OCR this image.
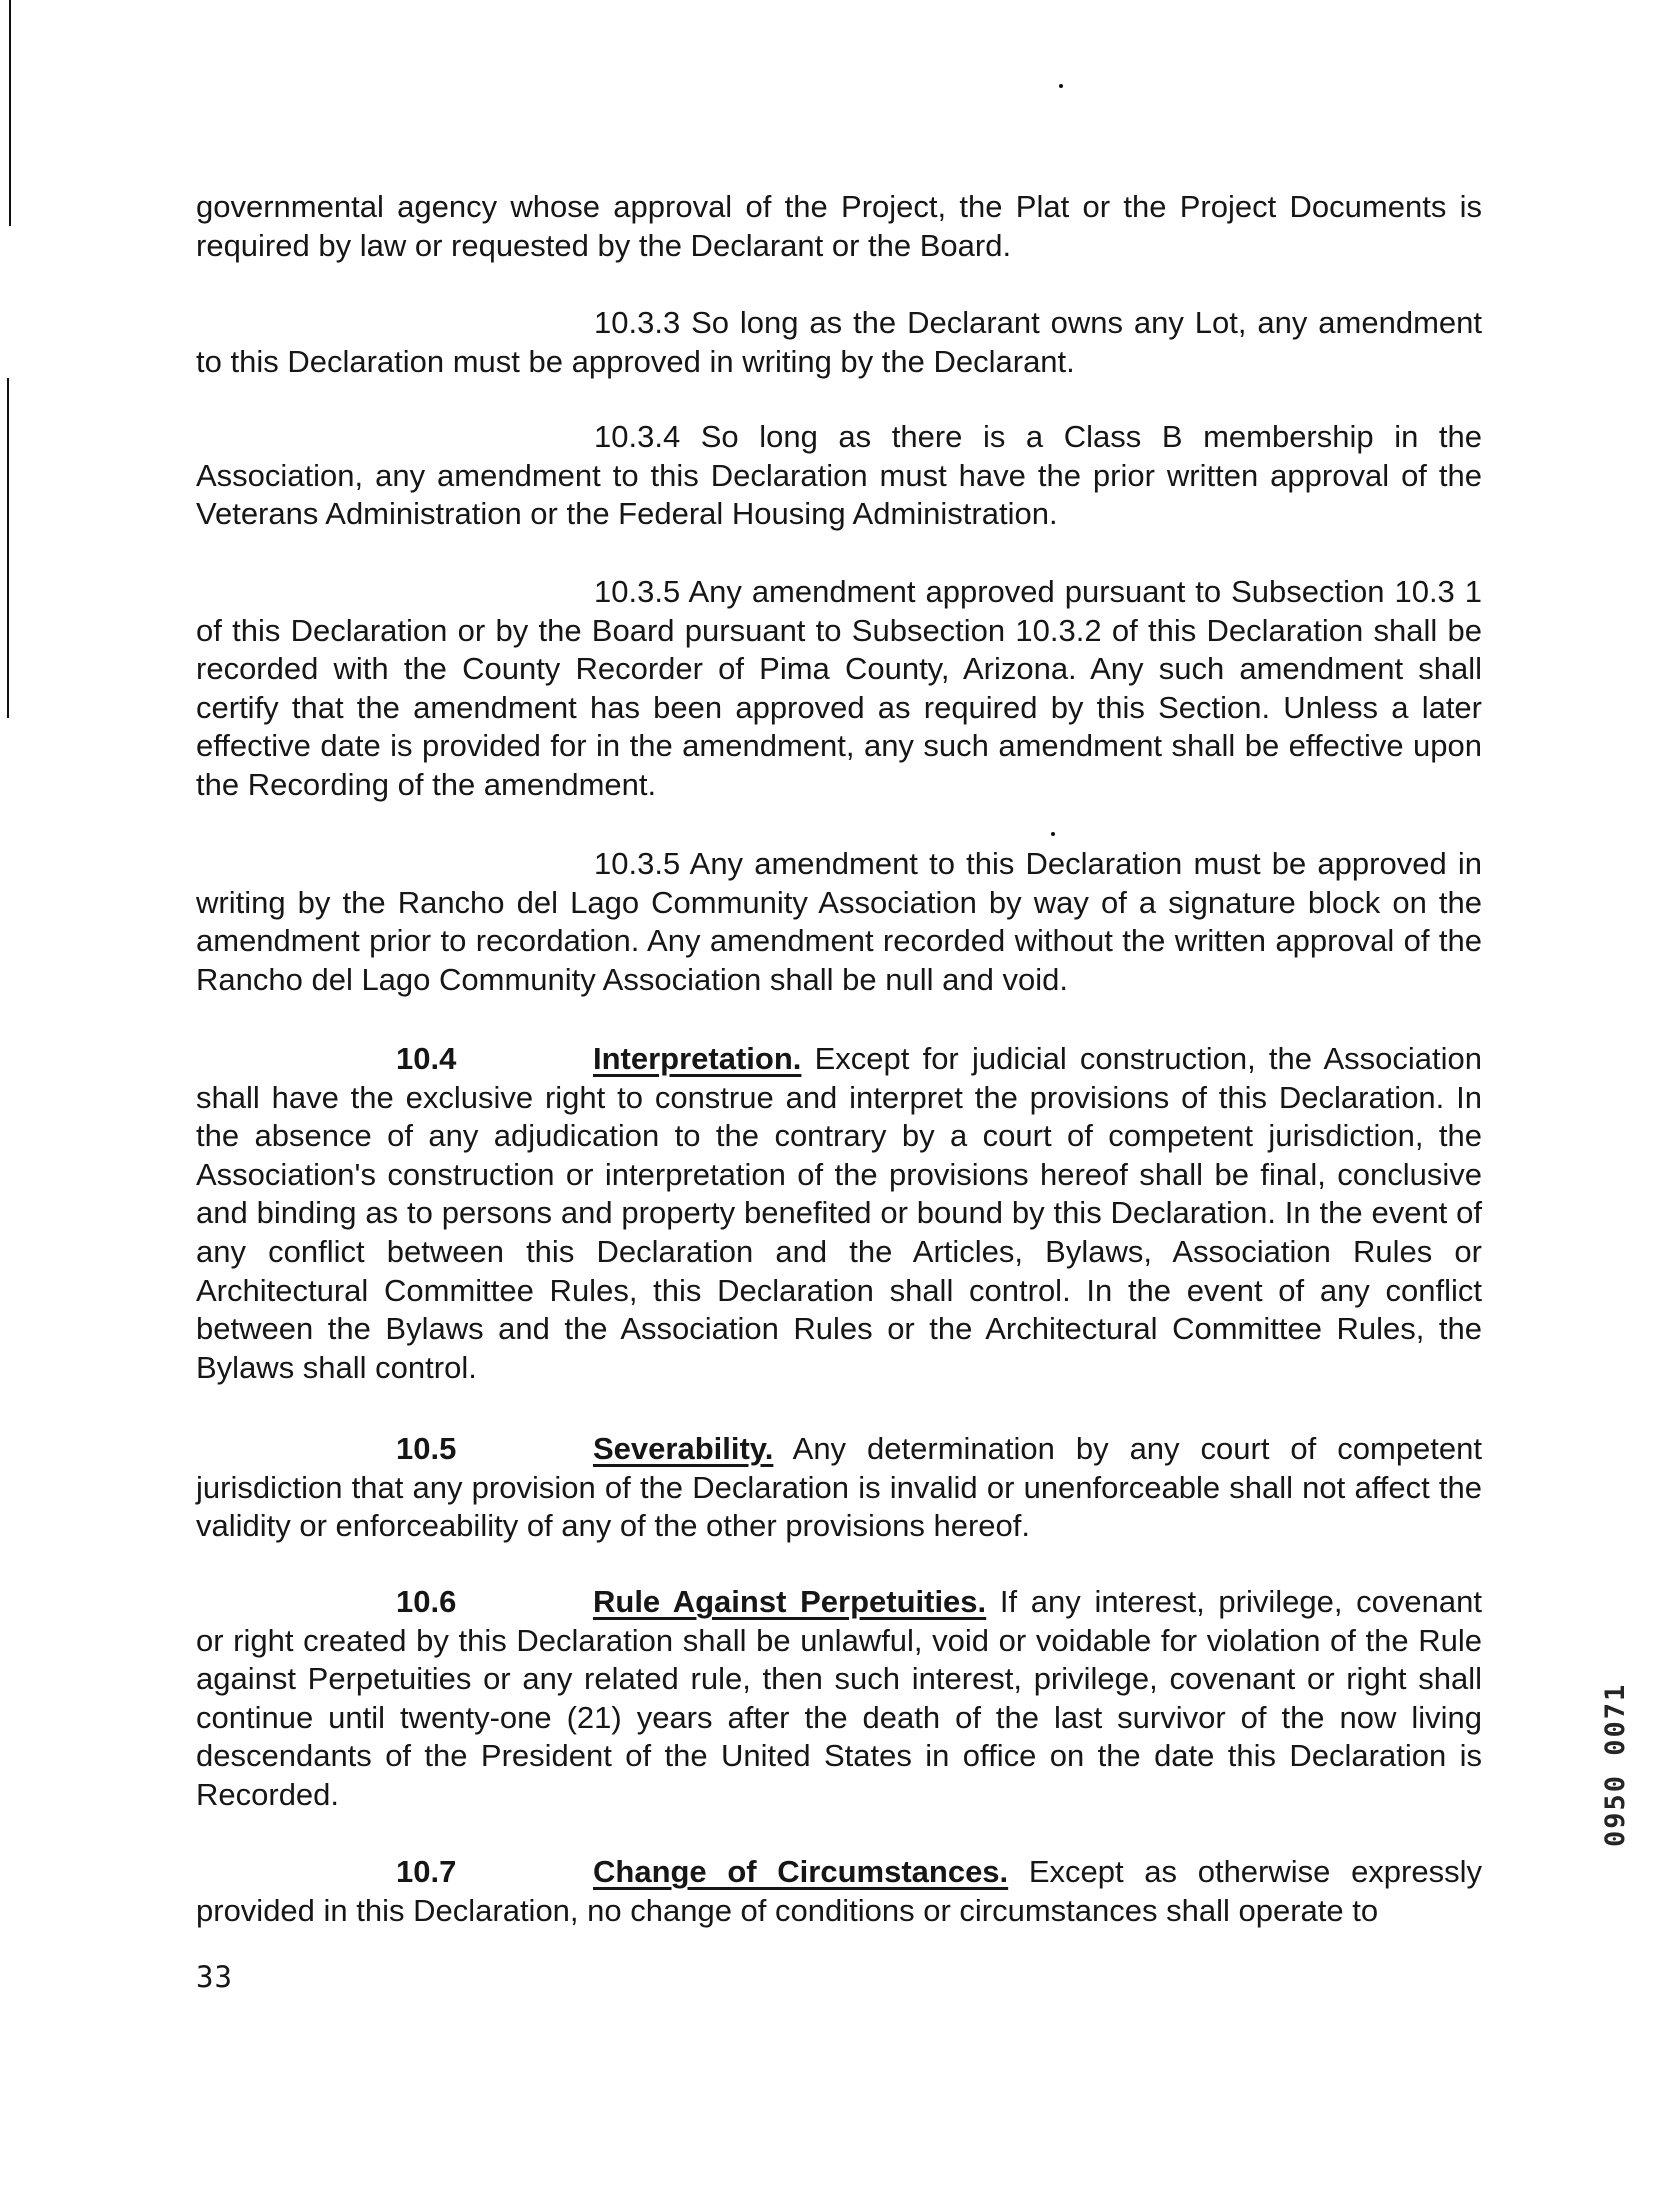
governmental agency whose approval of the Project, the Plat or the Project Documents is required by law or requested by the Declarant or the Board.

10.3.3 So long as the Declarant owns any Lot, any amendment to this Declaration must be approved in writing by the Declarant.

10.3.4 So long as there is a Class B membership in the Association, any amendment to this Declaration must have the prior written approval of the Veterans Administration or the Federal Housing Administration.

10.3.5 Any amendment approved pursuant to Subsection 10.3 1 of this Declaration or by the Board pursuant to Subsection 10.3.2 of this Declaration shall be recorded with the County Recorder of Pima County, Arizona. Any such amendment shall certify that the amendment has been approved as required by this Section. Unless a later effective date is provided for in the amendment, any such amendment shall be effective upon the Recording of the amendment.

10.3.5 Any amendment to this Declaration must be approved in writing by the Rancho del Lago Community Association by way of a signature block on the amendment prior to recordation. Any amendment recorded without the written approval of the Rancho del Lago Community Association shall be null and void.

10.4	Interpretation. Except for judicial construction, the Association shall have the exclusive right to construe and interpret the provisions of this Declaration. In the absence of any adjudication to the contrary by a court of competent jurisdiction, the Association's construction or interpretation of the provisions hereof shall be final, conclusive and binding as to persons and property benefited or bound by this Declaration. In the event of any conflict between this Declaration and the Articles, Bylaws, Association Rules or Architectural Committee Rules, this Declaration shall control. In the event of any conflict between the Bylaws and the Association Rules or the Architectural Committee Rules, the Bylaws shall control.

10.5	Severability. Any determination by any court of competent jurisdiction that any provision of the Declaration is invalid or unenforceable shall not affect the validity or enforceability of any of the other provisions hereof.

10.6	Rule Against Perpetuities. If any interest, privilege, covenant or right created by this Declaration shall be unlawful, void or voidable for violation of the Rule against Perpetuities or any related rule, then such interest, privilege, covenant or right shall continue until twenty-one (21) years after the death of the last survivor of the now living descendants of the President of the United States in office on the date this Declaration is Recorded.

10.7	Change of Circumstances. Except as otherwise expressly provided in this Declaration, no change of conditions or circumstances shall operate to

33
0950 0071
